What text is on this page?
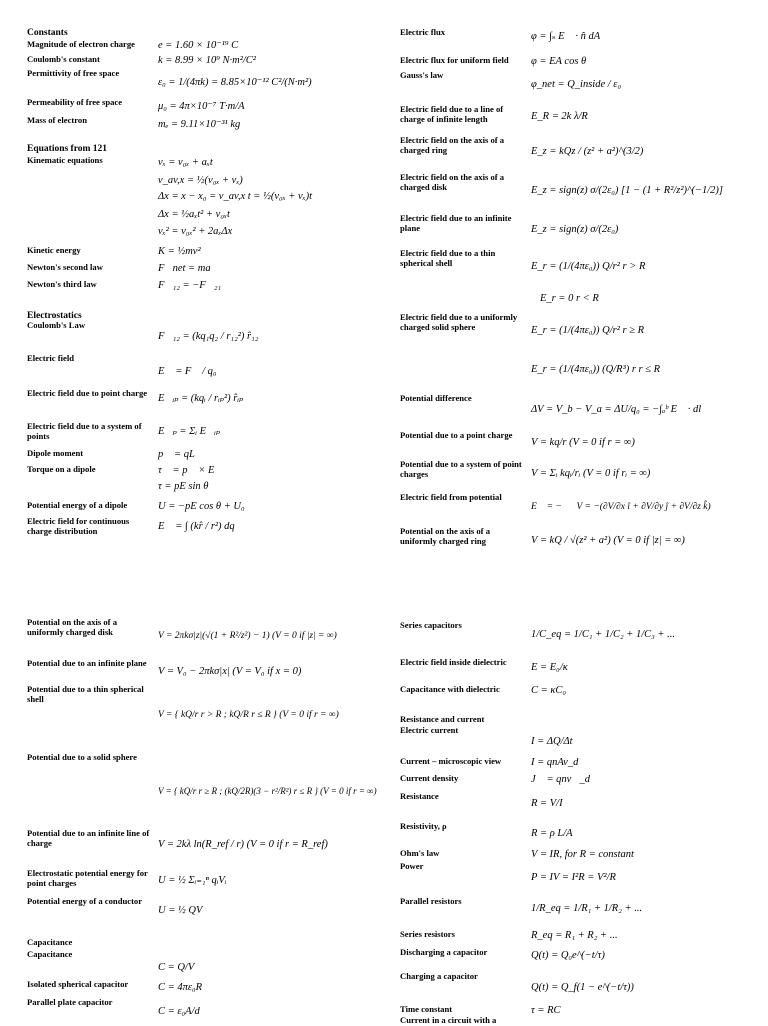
Constants
Magnitude of electron charge	e = 1.60 × 10⁻¹⁹ C
Coulomb's constant	k = 8.99 × 10⁹ N·m²/C²
Permittivity of free space
ε₀ = 1/(4πk) = 8.85×10⁻¹² C²/(N·m²)
Permeability of free space	μ₀ = 4π×10⁻⁷ T·m/A
Mass of electron	mₑ = 9.11×10⁻³¹ kg
Equations from 121
Kinematic equations	vₓ = v₀ₓ + aₓt
v_av,x = ½(v₀ₓ + vₓ)
Δx = x − x₀ = v_av,x t = ½(v₀ₓ + vₓ)t
Δx = ½aₓt² + v₀ₓt
vₓ² = v₀ₓ² + 2aₓΔx
Kinetic energy	K = ½mv²
Newton's second law	F⃗net = ma⃗
Newton's third law	F⃗₁₂ = −F⃗₂₁
Electrostatics
Coulomb's Law
F⃗₁₂ = (kq₁q₂ / r₁₂²) r̂₁₂
Electric field
E⃗ = F⃗ / q₀
Electric field due to point charge	E⃗ᵢₚ = (kqᵢ / rᵢₚ²) r̂ᵢₚ
Electric field due to a system of points	E⃗ₚ = Σᵢ E⃗ᵢₚ
Dipole moment	p⃗ = qL⃗
Torque on a dipole	τ⃗ = p⃗ × E⃗
τ = pE sin θ
Potential energy of a dipole	U = −pE cos θ + U₀
Electric field for continuous charge distribution	E⃗ = ∫ (kr̂ / r²) dq
Electric flux	φ = ∫ₛ E⃗ · n̂ dA
Electric flux for uniform field	φ = EA cos θ
Gauss's law
φ_net = Q_inside / ε₀
Electric field due to a line of charge of infinite length	E_R = 2k λ/R
Electric field on the axis of a charged ring	E_z = kQz / (z² + a²)^(3/2)
Electric field on the axis of a charged disk	E_z = sign(z) σ/(2ε₀) [1 − (1 + R²/z²)^(−1/2)]
Electric field due to an infinite plane	E_z = sign(z) σ/(2ε₀)
Electric field due to a thin spherical shell	E_r = (1/(4πε₀)) Q/r² r > R
E_r = 0 r < R
Electric field due to a uniformly charged solid sphere	E_r = (1/(4πε₀)) Q/r² r ≥ R
E_r = (1/(4πε₀)) (Q/R³) r r ≤ R
Potential difference
ΔV = V_b − V_a = ΔU/q₀ = −∫ₐᵇ E⃗ · dl⃗
Potential due to a point charge
V = kq/r (V = 0 if r = ∞)
Potential due to a system of point charges	V = Σᵢ kqᵢ/rᵢ (V = 0 if rᵢ = ∞)
Electric field from potential
E⃗ = −∇⃗V = −(∂V/∂x î + ∂V/∂y ĵ + ∂V/∂z k̂)
Potential on the axis of a uniformly charged ring	V = kQ / √(z² + a²) (V = 0 if |z| = ∞)
Potential on the axis of a uniformly charged disk	V = 2πkσ|z|(√(1 + R²/z²) − 1) (V = 0 if |z| = ∞)
Potential due to an infinite plane
V = V₀ − 2πkσ|x| (V = V₀ if x = 0)
Potential due to a thin spherical shell
V = { kQ/r r > R ; kQ/R r ≤ R } (V = 0 if r = ∞)
Potential due to a solid sphere
V = { kQ/r r ≥ R ; (kQ/2R)(3 − r²/R²) r ≤ R } (V = 0 if r = ∞)
Potential due to an infinite line of charge	V = 2kλ ln(R_ref / r) (V = 0 if r = R_ref)
Electrostatic potential energy for point charges	U = ½ Σᵢ₌₁ⁿ qᵢVᵢ
Potential energy of a conductor
U = ½ QV
Capacitance
Capacitance
C = Q/V
Isolated spherical capacitor	C = 4πε₀R
Parallel plate capacitor
C = ε₀A/d
Series capacitors
1/C_eq = 1/C₁ + 1/C₂ + 1/C₃ + ...
Electric field inside dielectric	E = E₀/κ
Capacitance with dielectric	C = κC₀
Resistance and current
Electric current
I = ΔQ/Δt
Current – microscopic view	I = qnAv_d
Current density	J⃗ = qnv⃗_d
Resistance
R = V/I
Resistivity, ρ
R = ρ L/A
Ohm's law	V = IR, for R = constant
Power
P = IV = I²R = V²/R
Parallel resistors
1/R_eq = 1/R₁ + 1/R₂ + ...
Series resistors	R_eq = R₁ + R₂ + ...
Discharging a capacitor	Q(t) = Q₀e^(−t/τ)
Charging a capacitor
Q(t) = Q_f(1 − e^(−t/τ))
Time constant	τ = RC
Current in a circuit with a
